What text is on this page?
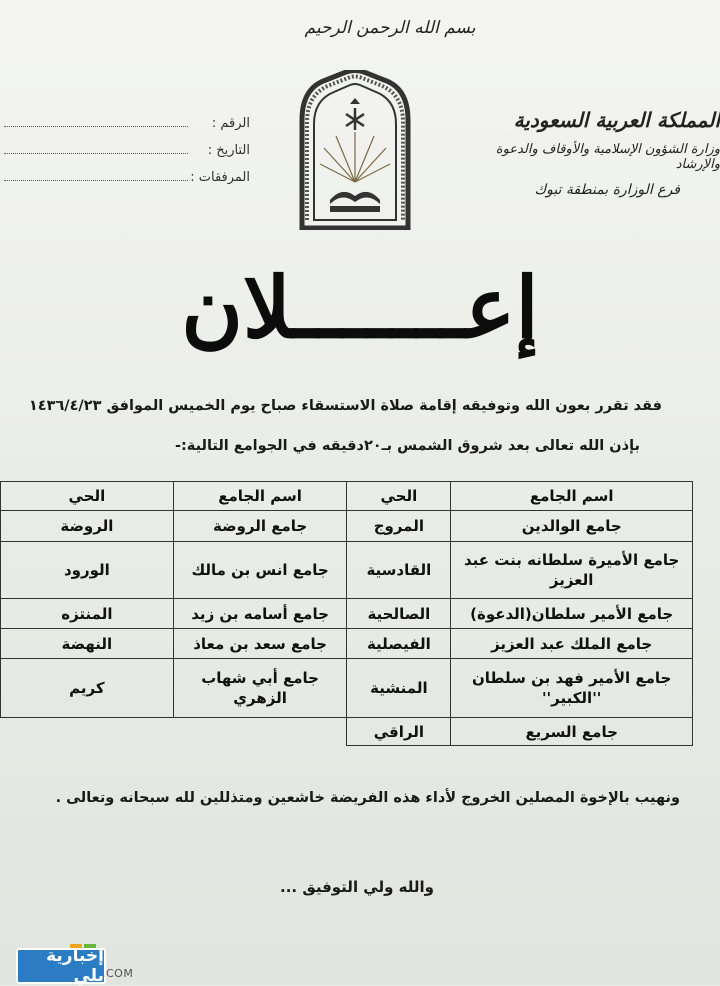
بسم الله الرحمن الرحيم
المملكة العربية السعودية
وزارة الشؤون الإسلامية والأوقاف والدعوة والإرشاد
فرع الوزارة بمنطقة تبوك
الرقم :
التاريخ :
المرفقات :
إعـــــــلان
فقد تقرر بعون الله وتوفيقه إقامة صلاة الاستسقاء صباح يوم الخميس الموافق ١٤٣٦/٤/٢٣
بإذن الله تعالى بعد شروق الشمس بـ٢٠دقيقه في الجوامع التالية:-
اسم الجامع	الحي	اسم الجامع	الحي
جامع الوالدين	المروج	جامع الروضة	الروضة
جامع الأميرة سلطانه بنت عبد العزيز	القادسية	جامع انس بن مالك	الورود
جامع الأمير سلطان(الدعوة)	الصالحية	جامع أسامه بن زيد	المنتزه
جامع الملك عبد العزيز	الفيصلية	جامع سعد بن معاذ	النهضة
جامع الأمير فهد بن سلطان ''الكبير''	المنشية	جامع أبي شهاب الزهري	كريم
جامع السريع	الراقي		
ونهيب بالإخوة المصلين الخروج لأداء هذه الفريضة خاشعين ومتذللين لله سبحانه وتعالى .
والله ولي التوفيق ...
إخبارية بلي
.COM
